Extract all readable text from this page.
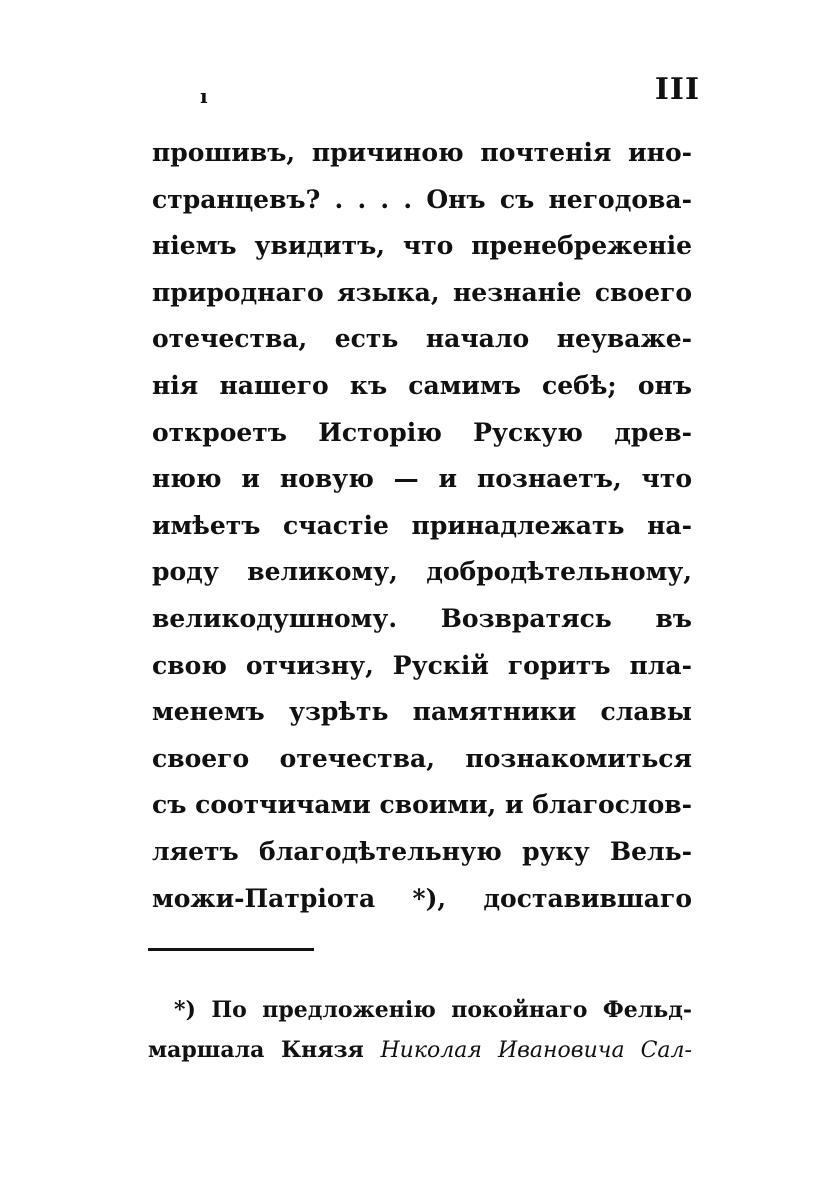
ı	III
прошивъ, причиною почтенія ино-
странцевъ? . . . . Онъ съ негодова-
ніемъ увидитъ, что пренебреженіе
природнаго языка, незнаніе своего
отечества, есть начало неуваже-
нія нашего къ самимъ себѣ; онъ
откроетъ Исторію Рускую древ-
нюю и новую — и познаетъ, что
имѣетъ счастіе принадлежать на-
роду великому, добродѣтельному,
великодушному. Возвратясь въ
свою отчизну, Рускій горитъ пла-
менемъ узрѣть памятники славы
своего отечества, познакомиться
съ соотчичами своими, и благослов-
ляетъ благодѣтельную руку Вель-
можи-Патріота *), доставившаго
*) По предложенію покойнаго Фельд-
маршала Князя Николая Ивановича Сал-
